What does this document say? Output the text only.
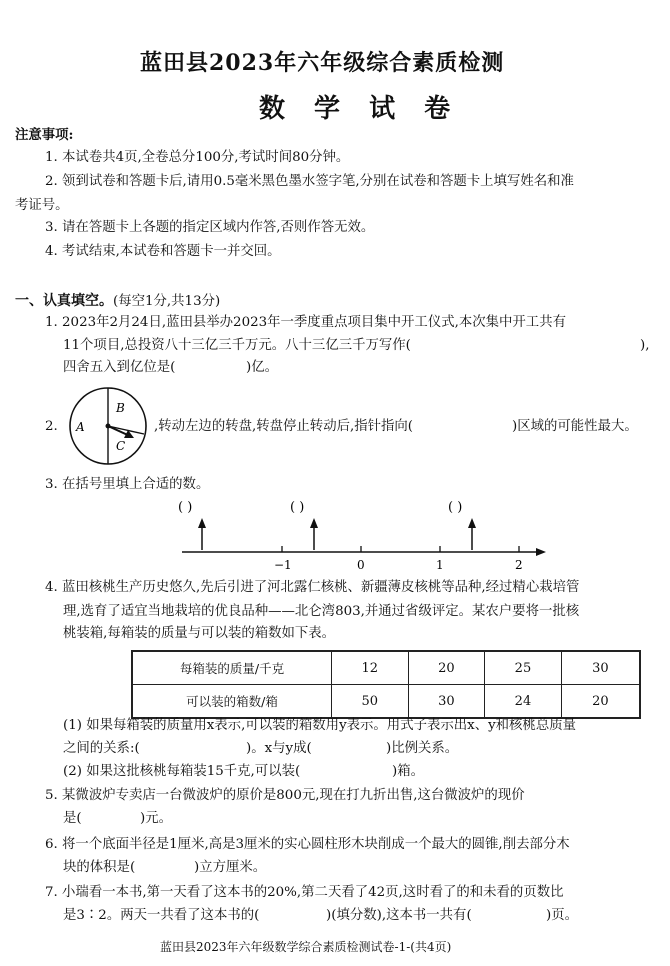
蓝田县2023年六年级综合素质检测
数 学 试 卷
注意事项:
1. 本试卷共4页,全卷总分100分,考试时间80分钟。
2. 领到试卷和答题卡后,请用0.5毫米黑色墨水签字笔,分别在试卷和答题卡上填写姓名和准
考证号。
3. 请在答题卡上各题的指定区域内作答,否则作答无效。
4. 考试结束,本试卷和答题卡一并交回。
一、认真填空。(每空1分,共13分)
1. 2023年2月24日,蓝田县举办2023年一季度重点项目集中开工仪式,本次集中开工共有
11个项目,总投资八十三亿三千万元。八十三亿三千万写作(	),
四舍五入到亿位是(	)亿。
2. A
B
C
,转动左边的转盘,转盘停止转动后,指针指向(	)区域的可能性最大。
3. 在括号里填上合适的数。
( )	( )	( )
−1	0	1	2
4. 蓝田核桃生产历史悠久,先后引进了河北露仁核桃、新疆薄皮核桃等品种,经过精心栽培管
理,选育了适宜当地栽培的优良品种——北仑湾803,并通过省级评定。某农户要将一批核
桃装箱,每箱装的质量与可以装的箱数如下表。
每箱装的质量/千克	12	20	25	30
可以装的箱数/箱	50	30	24	20
(1) 如果每箱装的质量用x表示,可以装的箱数用y表示。用式子表示出x、y和核桃总质量
之间的关系:(	)。x与y成(	)比例关系。
(2) 如果这批核桃每箱装15千克,可以装(	)箱。
5. 某微波炉专卖店一台微波炉的原价是800元,现在打九折出售,这台微波炉的现价
是(	)元。
6. 将一个底面半径是1厘米,高是3厘米的实心圆柱形木块削成一个最大的圆锥,削去部分木
块的体积是(	)立方厘米。
7. 小瑞看一本书,第一天看了这本书的20%,第二天看了42页,这时看了的和未看的页数比
是3∶2。两天一共看了这本书的(	)(填分数),这本书一共有(	)页。
蓝田县2023年六年级数学综合素质检测试卷-1-(共4页)
